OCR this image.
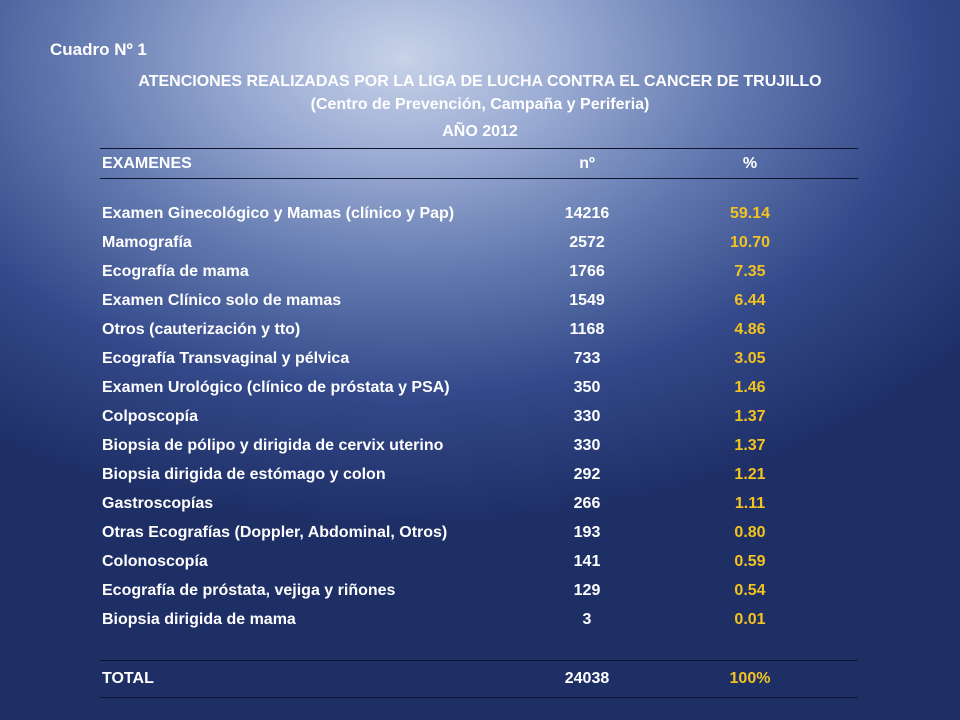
Cuadro Nº 1

ATENCIONES REALIZADAS POR LA LIGA DE LUCHA CONTRA EL CANCER DE TRUJILLO

(Centro de Prevención, Campaña y Periferia)

AÑO 2012

EXAMENES	nº	%

Examen Ginecológico y Mamas (clínico y Pap)	14216	59.14
Mamografía	2572	10.70
Ecografía de mama	1766	7.35
Examen Clínico solo de mamas	1549	6.44
Otros (cauterización y tto)	1168	4.86
Ecografía Transvaginal y pélvica	733	3.05
Examen Urológico (clínico de próstata y PSA)	350	1.46
Colposcopía	330	1.37
Biopsia de pólipo y dirigida de cervix uterino	330	1.37
Biopsia dirigida de estómago y colon	292	1.21
Gastroscopías	266	1.11
Otras Ecografías (Doppler, Abdominal, Otros)	193	0.80
Colonoscopía	141	0.59
Ecografía de próstata, vejiga y riñones	129	0.54
Biopsia dirigida de mama	3	0.01

TOTAL	24038	100%
